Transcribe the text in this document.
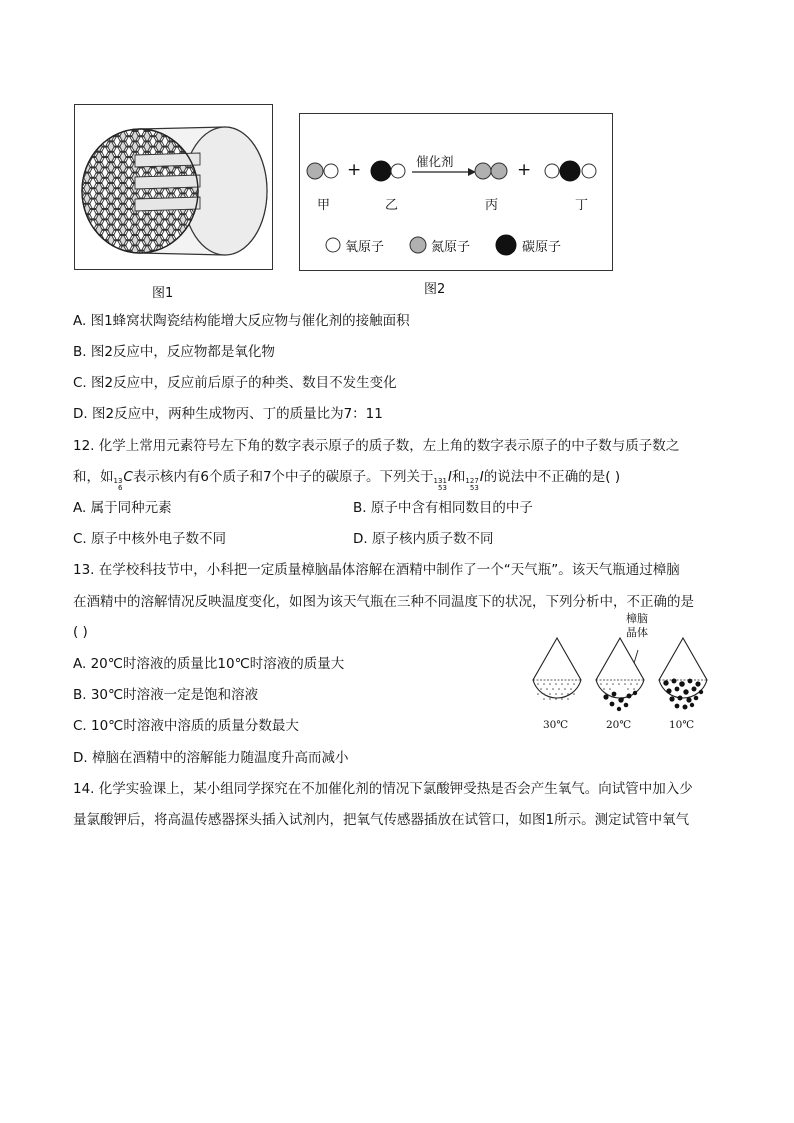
图1
+	+
催化剂
甲	乙	丙	丁
氧原子	氮原子	碳原子
图2
A. 图1蜂窝状陶瓷结构能增大反应物与催化剂的接触面积
B. 图2反应中，反应物都是氧化物
C. 图2反应中，反应前后原子的种类、数目不发生变化
D. 图2反应中，两种生成物丙、丁的质量比为7：11
12. 化学上常用元素符号左下角的数字表示原子的质子数，左上角的数字表示原子的中子数与质子数之
和，如 13
6
C表示核内有6个质子和7个中子的碳原子。下列关于 131
53
I和 127
53
I的说法中不正确的是( )
A. 属于同种元素	B. 原子中含有相同数目的中子
C. 原子中核外电子数不同	D. 原子核内质子数不同
13. 在学校科技节中，小科把一定质量樟脑晶体溶解在酒精中制作了一个“天气瓶”。该天气瓶通过樟脑
在酒精中的溶解情况反映温度变化，如图为该天气瓶在三种不同温度下的状况，下列分析中，不正确的是
( )
A. 20℃时溶液的质量比10℃时溶液的质量大
B. 30℃时溶液一定是饱和溶液
C. 10℃时溶液中溶质的质量分数最大
D. 樟脑在酒精中的溶解能力随温度升高而减小
樟脑
晶体
30℃	20℃	10℃
14. 化学实验课上，某小组同学探究在不加催化剂的情况下氯酸钾受热是否会产生氧气。向试管中加入少
量氯酸钾后，将高温传感器探头插入试剂内，把氧气传感器插放在试管口，如图1所示。测定试管中氧气
